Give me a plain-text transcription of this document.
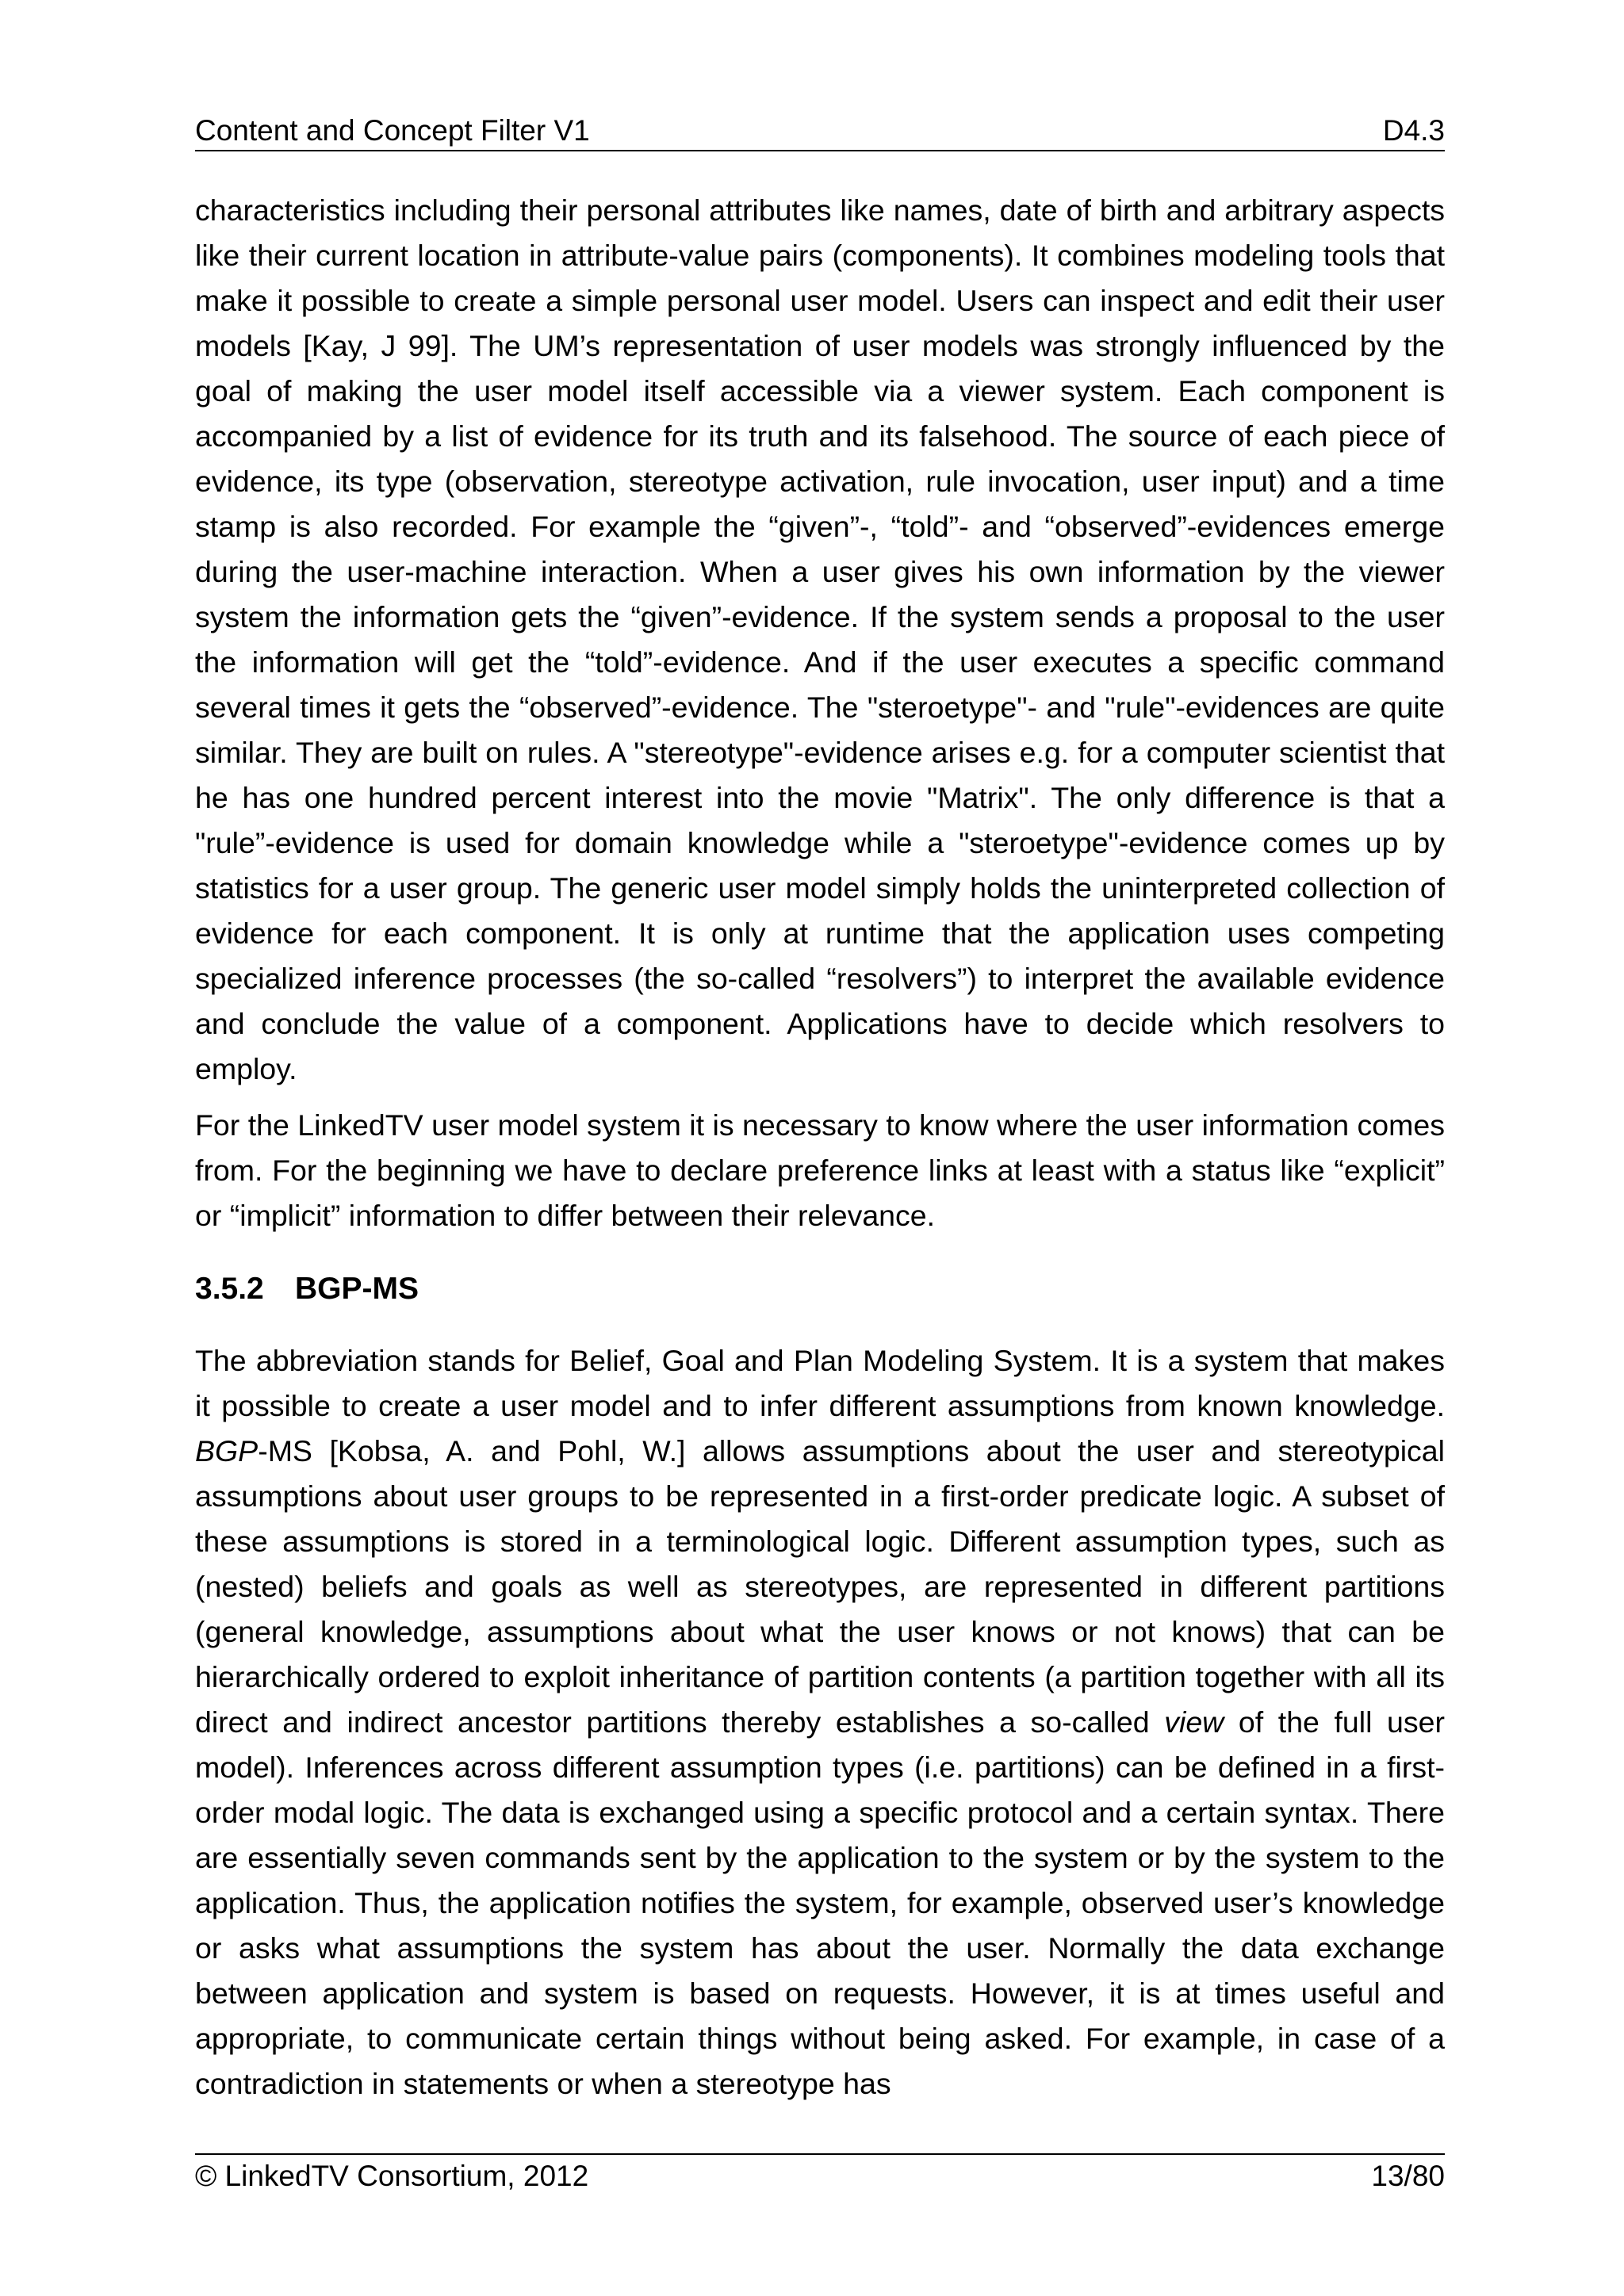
Content and Concept Filter V1	D4.3

characteristics including their personal attributes like names, date of birth and arbitrary aspects like their current location in attribute-value pairs (components). It combines modeling tools that make it possible to create a simple personal user model. Users can inspect and edit their user models [Kay, J 99]. The UM’s representation of user models was strongly influenced by the goal of making the user model itself accessible via a viewer system. Each component is accompanied by a list of evidence for its truth and its falsehood. The source of each piece of evidence, its type (observation, stereotype activation, rule invocation, user input) and a time stamp is also recorded. For example the “given”-, “told”- and “observed”-evidences emerge during the user-machine interaction. When a user gives his own information by the viewer system the information gets the “given”-evidence. If the system sends a proposal to the user the information will get the “told”-evidence. And if the user executes a specific command several times it gets the “observed”-evidence. The "steroetype"- and "rule"-evidences are quite similar. They are built on rules. A "stereotype"-evidence arises e.g. for a computer scientist that he has one hundred percent interest into the movie "Matrix". The only difference is that a "rule”-evidence is used for domain knowledge while a "steroetype"-evidence comes up by statistics for a user group. The generic user model simply holds the uninterpreted collection of evidence for each component. It is only at runtime that the application uses competing specialized inference processes (the so-called “resolvers”) to interpret the available evidence and conclude the value of a component. Applications have to decide which resolvers to employ.

For the LinkedTV user model system it is necessary to know where the user information comes from. For the beginning we have to declare preference links at least with a status like “explicit” or “implicit” information to differ between their relevance.

3.5.2 BGP-MS

The abbreviation stands for Belief, Goal and Plan Modeling System. It is a system that makes it possible to create a user model and to infer different assumptions from known knowledge. BGP-MS [Kobsa, A. and Pohl, W.] allows assumptions about the user and stereotypical assumptions about user groups to be represented in a first-order predicate logic. A subset of these assumptions is stored in a terminological logic. Different assumption types, such as (nested) beliefs and goals as well as stereotypes, are represented in different partitions (general knowledge, assumptions about what the user knows or not knows) that can be hierarchically ordered to exploit inheritance of partition contents (a partition together with all its direct and indirect ancestor partitions thereby establishes a so-called view of the full user model). Inferences across different assumption types (i.e. partitions) can be defined in a first-order modal logic. The data is exchanged using a specific protocol and a certain syntax. There are essentially seven commands sent by the application to the system or by the system to the application. Thus, the application notifies the system, for example, observed user’s knowledge or asks what assumptions the system has about the user. Normally the data exchange between application and system is based on requests. However, it is at times useful and appropriate, to communicate certain things without being asked. For example, in case of a contradiction in statements or when a stereotype has

© LinkedTV Consortium, 2012	13/80
